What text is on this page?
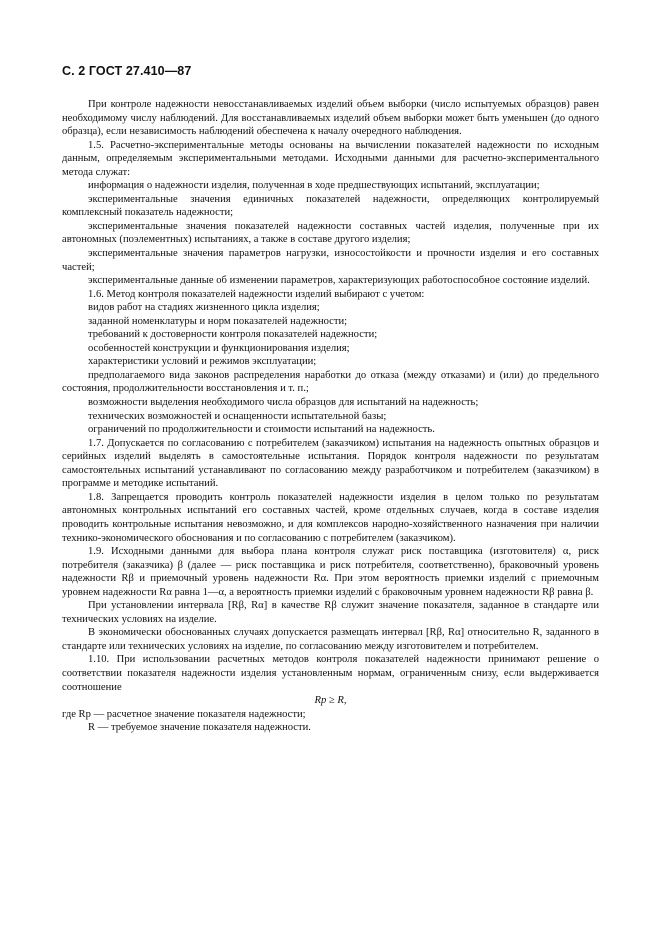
С. 2 ГОСТ 27.410—87

При контроле надежности невосстанавливаемых изделий объем выборки (число испытуемых образцов) равен необходимому числу наблюдений. Для восстанавливаемых изделий объем выборки может быть уменьшен (до одного образца), если независимость наблюдений обеспечена к началу очередного наблюдения.

1.5. Расчетно-экспериментальные методы основаны на вычислении показателей надежности по исходным данным, определяемым экспериментальными методами. Исходными данными для расчетно-экспериментального метода служат:

информация о надежности изделия, полученная в ходе предшествующих испытаний, эксплуатации;

экспериментальные значения единичных показателей надежности, определяющих контролируемый комплексный показатель надежности;

экспериментальные значения показателей надежности составных частей изделия, полученные при их автономных (поэлементных) испытаниях, а также в составе другого изделия;

экспериментальные значения параметров нагрузки, износостойкости и прочности изделия и его составных частей;

экспериментальные данные об изменении параметров, характеризующих работоспособное состояние изделий.

1.6. Метод контроля показателей надежности изделий выбирают с учетом:

видов работ на стадиях жизненного цикла изделия;

заданной номенклатуры и норм показателей надежности;

требований к достоверности контроля показателей надежности;

особенностей конструкции и функционирования изделия;

характеристики условий и режимов эксплуатации;

предполагаемого вида законов распределения наработки до отказа (между отказами) и (или) до предельного состояния, продолжительности восстановления и т. п.;

возможности выделения необходимого числа образцов для испытаний на надежность;

технических возможностей и оснащенности испытательной базы;

ограничений по продолжительности и стоимости испытаний на надежность.

1.7. Допускается по согласованию с потребителем (заказчиком) испытания на надежность опытных образцов и серийных изделий выделять в самостоятельные испытания. Порядок контроля надежности по результатам самостоятельных испытаний устанавливают по согласованию между разработчиком и потребителем (заказчиком) в программе и методике испытаний.

1.8. Запрещается проводить контроль показателей надежности изделия в целом только по результатам автономных контрольных испытаний его составных частей, кроме отдельных случаев, когда в составе изделия проводить контрольные испытания невозможно, и для комплексов народно-хозяйственного назначения при наличии технико-экономического обоснования и по согласованию с потребителем (заказчиком).

1.9. Исходными данными для выбора плана контроля служат риск поставщика (изготовителя) α, риск потребителя (заказчика) β (далее — риск поставщика и риск потребителя, соответственно), браковочный уровень надежности Rβ и приемочный уровень надежности Rα. При этом вероятность приемки изделий с приемочным уровнем надежности Rα равна 1—α, а вероятность приемки изделий с браковочным уровнем надежности Rβ равна β.

При установлении интервала [Rβ, Rα] в качестве Rβ служит значение показателя, заданное в стандарте или технических условиях на изделие.

В экономически обоснованных случаях допускается размещать интервал [Rβ, Rα] относительно R, заданного в стандарте или технических условиях на изделие, по согласованию между изготовителем и потребителем.

1.10. При использовании расчетных методов контроля показателей надежности принимают решение о соответствии показателя надежности изделия установленным нормам, ограниченным снизу, если выдерживается соотношение

Rр ≥ R,

где Rр — расчетное значение показателя надежности;

R — требуемое значение показателя надежности.
